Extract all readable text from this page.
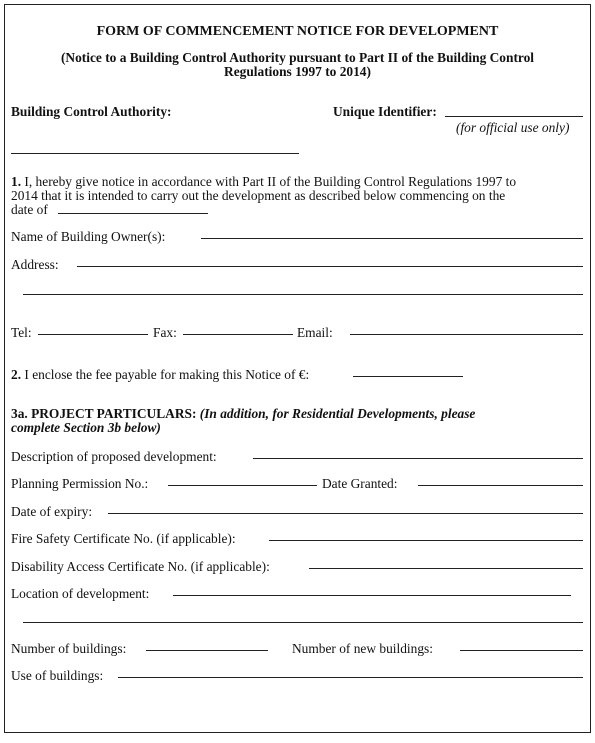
FORM OF COMMENCEMENT NOTICE FOR DEVELOPMENT
(Notice to a Building Control Authority pursuant to Part II of the Building Control
Regulations 1997 to 2014)
Building Control Authority:	Unique Identifier:
(for official use only)
1. I, hereby give notice in accordance with Part II of the Building Control Regulations 1997 to
2014 that it is intended to carry out the development as described below commencing on the
date of
Name of Building Owner(s):
Address:
Tel:	Fax:	Email:
2. I enclose the fee payable for making this Notice of €:
3a. PROJECT PARTICULARS: (In addition, for Residential Developments, please
complete Section 3b below)
Description of proposed development:
Planning Permission No.:	Date Granted:
Date of expiry:
Fire Safety Certificate No. (if applicable):
Disability Access Certificate No. (if applicable):
Location of development:
Number of buildings:	Number of new buildings:
Use of buildings:
